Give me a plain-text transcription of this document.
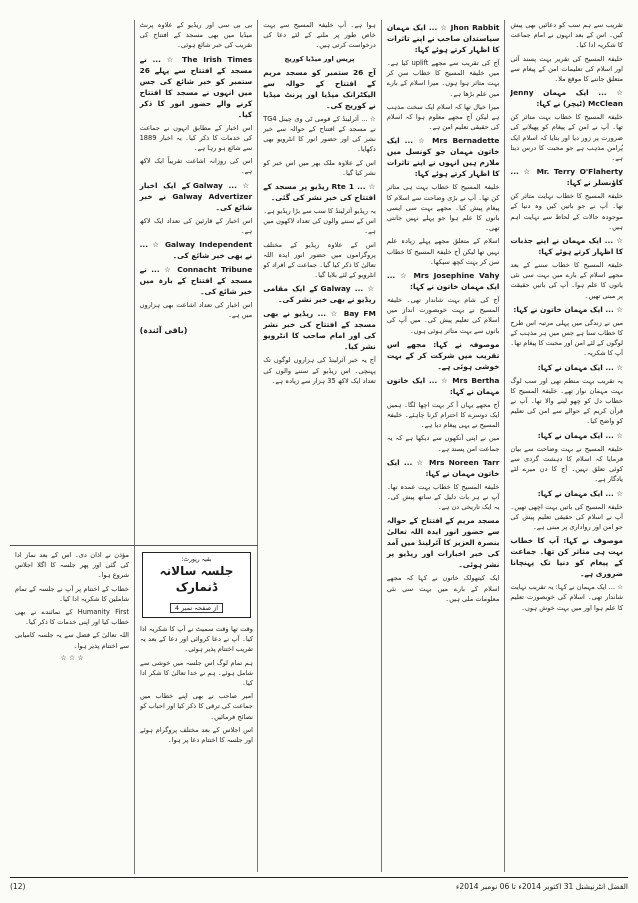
تقریب سے ہم سب کو دعائیں بھی پیش کیں۔ اس کے بعد انہوں نے امام جماعت کا شکریہ ادا کیا۔

خلیفۃ المسیح کی تقریر بہت پسند آئی اور اسلام کی تعلیمات امن کے پیغام سے متعلق جاننے کا موقع ملا۔

☆ ... ایک مہمان Jenny McClean (ٹیچر) نے کہا:

خلیفۃ المسیح کا خطاب بہت متاثر کن تھا۔ آپ نے امن کے پیغام کو پھیلانے کی ضرورت پر زور دیا اور بتایا کہ اسلام ایک پُرامن مذہب ہے جو محبت کا درس دیتا ہے۔

Mr. Terry O'Flaherty ☆ ... کاؤنسلر نے کہا:

خلیفۃ المسیح کا خطاب نہایت متاثر کن تھا۔ آپ نے جو باتیں کیں وہ دنیا کے موجودہ حالات کے لحاظ سے نہایت اہم ہیں۔

☆ ... ایک مہمان نے اپنے جذبات کا اظہار کرتے ہوئے کہا:

خلیفۃ المسیح کا خطاب سننے کے بعد مجھے اسلام کے بارے میں بہت سی نئی باتوں کا علم ہوا۔ آپ کی باتیں حقیقت پر مبنی تھیں۔

☆ ... ایک مہمان خاتون نے کہا:

میں نے زندگی میں پہلی مرتبہ اس طرح کا خطاب سنا ہے جس میں ہر مذہب کے لوگوں کے لئے امن اور محبت کا پیغام تھا۔ آپ کا شکریہ۔

☆ ... ایک مہمان نے کہا:

یہ تقریب بہت منظم تھی اور سب لوگ بہت مہمان نواز تھے۔ خلیفۃ المسیح کا خطاب دل کو چھو لینے والا تھا۔ آپ نے قرآن کریم کے حوالے سے امن کی تعلیم کو واضح کیا۔

☆ ... ایک مہمان نے کہا:

خلیفۃ المسیح نے بہت وضاحت سے بیان فرمایا کہ اسلام کا دہشت گردی سے کوئی تعلق نہیں۔ آج کا دن میرے لئے یادگار ہے۔

☆ ... ایک مہمان نے کہا:

خلیفۃ المسیح کی باتیں بہت اچھی تھیں۔ آپ نے اسلام کی حقیقی تعلیم پیش کی جو امن اور رواداری پر مبنی ہے۔

موصوف نے کہا: آپ کا خطاب بہت ہی متاثر کن تھا۔ جماعت کے پیغام کو دنیا تک پہنچانا ضروری ہے۔

☆ ... ایک مہمان نے کہا: یہ تقریب نہایت شاندار تھی۔ اسلام کی خوبصورت تعلیم کا علم ہوا اور میں بہت خوش ہوں۔

Jhon Rabbit ☆ ... ایک مہمان سیاستدان صاحب نے اپنے تاثرات کا اظہار کرتے ہوئے کہا:

آج کی تقریب سے مجھے uplift کیا ہے۔ میں خلیفۃ المسیح کا خطاب سن کر بہت متاثر ہوا ہوں۔ میرا اسلام کے بارے میں علم بڑھا ہے۔

میرا خیال تھا کہ اسلام ایک سخت مذہب ہے لیکن آج مجھے معلوم ہوا کہ اسلام کی حقیقی تعلیم امن ہے۔

Mrs Bernadette ☆ ... ایک خاتون مہمان جو کونسل میں ملازم ہیں انہوں نے اپنے تاثرات کا اظہار کرتے ہوئے کہا:

خلیفۃ المسیح کا خطاب بہت ہی متاثر کن تھا۔ آپ نے بڑی وضاحت سے اسلام کا پیغام پیش کیا۔ مجھے بہت سی ایسی باتوں کا علم ہوا جو پہلے نہیں جانتی تھی۔

اسلام کے متعلق مجھے پہلے زیادہ علم نہیں تھا لیکن آج خلیفۃ المسیح کا خطاب سن کر بہت کچھ سیکھا۔

Mrs Josephine Vahy ☆ ... ایک مہمان خاتون نے کہا:

آج کی شام بہت شاندار تھی۔ خلیفۃ المسیح نے بہت خوبصورت انداز میں اسلام کی تعلیم پیش کی۔ میں آپ کی باتوں سے بہت متاثر ہوئی ہوں۔

موصوفہ نے کہا: مجھے اس تقریب میں شرکت کر کے بہت خوشی ہوئی ہے۔

Mrs Bertha ☆ ... ایک خاتون مہمان نے کہا:

آج مجھے یہاں آ کر بہت اچھا لگا۔ ہمیں ایک دوسرے کا احترام کرنا چاہئے۔ خلیفۃ المسیح نے یہی پیغام دیا ہے۔

میں نے اپنی آنکھوں سے دیکھا ہے کہ یہ جماعت امن پسند ہے۔

Mrs Noreen Tarr ☆ ... ایک خاتون مہمان نے کہا:

خلیفۃ المسیح کا خطاب بہت عمدہ تھا۔ آپ نے ہر بات دلیل کے ساتھ پیش کی۔ یہ ایک تاریخی دن ہے۔

مسجد مریم کے افتتاح کے حوالہ سے حضور انور ایدہ اللہ تعالیٰ بنصرہ العزیز کا آئرلینڈ میں آمد کی خبر اخبارات اور ریڈیو پر نشر ہوئی۔

ایک کیتھولک خاتون نے کہا کہ مجھے اسلام کے بارے میں بہت سی نئی معلومات ملی ہیں۔

ہوا ہے۔ آپ خلیفۃ المسیح سے بہت خاص طور پر ملنے کے لئے دعا کی درخواست کرتی ہیں۔

پریس اور میڈیا کوریج

آج 26 ستمبر کو مسجد مریم کے افتتاح کے حوالہ سے الیکٹرانک میڈیا اور پرنٹ میڈیا نے کوریج کی۔

☆ ... آئرلینڈ کے قومی ٹی وی چینل TG4 نے مسجد کے افتتاح کے حوالہ سے خبر نشر کی اور حضور انور کا انٹرویو بھی دکھایا۔

اس کے علاوہ ملک بھر میں اس خبر کو نشر کیا گیا۔

☆ ... Rte 1 ریڈیو پر مسجد کے افتتاح کی خبر نشر کی گئی۔

یہ ریڈیو آئرلینڈ کا سب سے بڑا ریڈیو ہے۔ اس کے سننے والوں کی تعداد لاکھوں میں ہے۔

اس کے علاوہ ریڈیو کے مختلف پروگراموں میں حضور انور ایدہ اللہ تعالیٰ کا ذکر کیا گیا۔ جماعت کے افراد کو انٹرویو کے لئے بلایا گیا۔

☆ ... Galway کے ایک مقامی ریڈیو نے بھی خبر نشر کی۔

Bay FM ☆ ... ریڈیو نے بھی مسجد کے افتتاح کی خبر نشر کی اور امام صاحب کا انٹرویو نشر کیا۔

آج یہ خبر آئرلینڈ کی ہزاروں لوگوں تک پہنچی۔ اس ریڈیو کے سننے والوں کی تعداد ایک لاکھ 35 ہزار سے زیادہ ہے۔

بی بی سی اور ریڈیو کے علاوہ پرنٹ میڈیا میں بھی مسجد کے افتتاح کی تقریب کی خبر شائع ہوئی۔

The Irish Times ☆ ... نے مسجد کے افتتاح سے پہلے 26 ستمبر کو خبر شائع کی جس میں انہوں نے مسجد کا افتتاح کرنے والے حضور انور کا ذکر کیا۔

اس اخبار کے مطابق انہوں نے جماعت کی خدمات کا ذکر کیا۔ یہ اخبار 1889 سے شائع ہو رہا ہے۔

اس کی روزانہ اشاعت تقریباً ایک لاکھ ہے۔

☆ ... Galway کے ایک اخبار Galway Advertizer نے خبر شائع کی۔

اس اخبار کے قارئین کی تعداد ایک لاکھ ہے۔

Galway Independent ☆ ... نے بھی خبر شائع کی۔

Connacht Tribune ☆ ... نے مسجد کے افتتاح کے بارہ میں خبر شائع کی۔

اس اخبار کی تعداد اشاعت بھی ہزاروں میں ہے۔

(باقی آئندہ)
بقیہ رپورٹ:
جلسہ سالانہ ڈنمارک
از صفحہ نمبر 4

وقت تھا وقت سمیٹ نے آپ کا شکریہ ادا کیا۔ آپ نے دعا کروائی اور دعا کے بعد یہ تقریب اختتام پذیر ہوئی۔

ہم تمام لوگ اس جلسہ میں خوشی سے شامل ہوئے۔ ہم نے خدا تعالیٰ کا شکر ادا کیا۔

امیر صاحب نے بھی اپنے خطاب میں جماعت کی ترقی کا ذکر کیا اور احباب کو نصائح فرمائیں۔

اس اجلاس کے بعد مختلف پروگرام ہوئے اور جلسہ کا اختتام دعا پر ہوا۔

مؤذن نے اذان دی۔ اس کے بعد نماز ادا کی گئی اور پھر جلسہ کا اگلا اجلاس شروع ہوا۔

خطاب کے اختتام پر آپ نے جلسہ کے تمام شاملین کا شکریہ ادا کیا۔

Humanity First کے نمائندے نے بھی خطاب کیا اور اپنی خدمات کا ذکر کیا۔

اللہ تعالیٰ کے فضل سے یہ جلسہ کامیابی سے اختتام پذیر ہوا۔

☆ ☆ ☆
(12)	الفضل انٹرنیشنل 31 اکتوبر 2014ء تا 06 نومبر 2014ء
